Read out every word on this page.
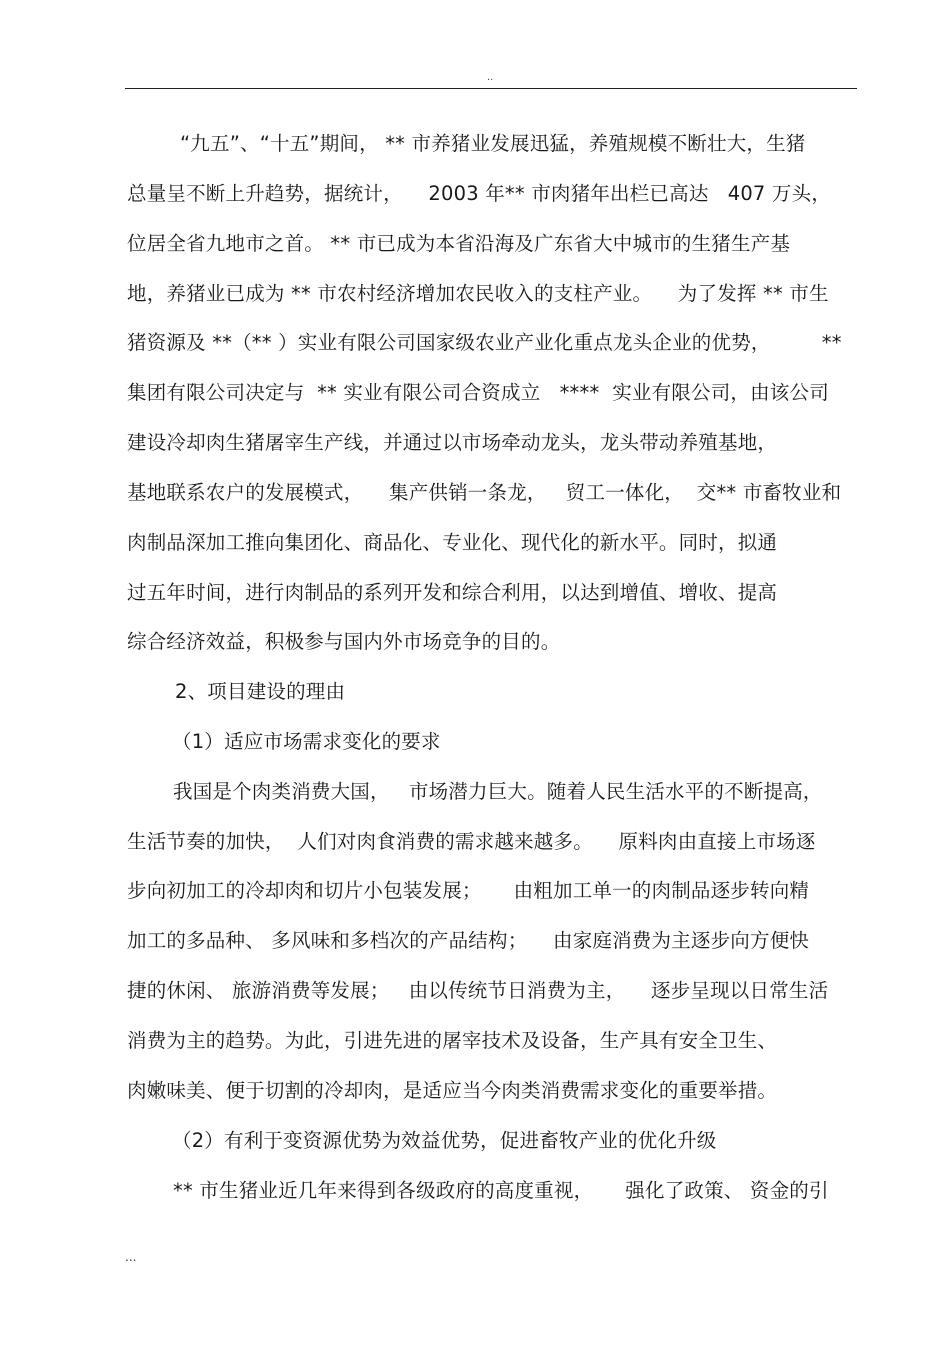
..
“九五”、“十五”期间， ** 市养猪业发展迅猛，养殖规模不断壮大，生猪
总量呈不断上升趋势，据统计，    2003 年** 市肉猪年出栏已高达   407 万头，
位居全省九地市之首。 ** 市已成为本省沿海及广东省大中城市的生猪生产基
地，养猪业已成为 ** 市农村经济增加农民收入的支柱产业。    为了发挥 ** 市生
猪资源及 **（** ）实业有限公司国家级农业产业化重点龙头企业的优势，        **
集团有限公司决定与  ** 实业有限公司合资成立   ****  实业有限公司，由该公司
建设冷却肉生猪屠宰生产线，并通过以市场牵动龙头，龙头带动养殖基地，
基地联系农户的发展模式，    集产供销一条龙，   贸工一体化，  交** 市畜牧业和
肉制品深加工推向集团化、商品化、专业化、现代化的新水平。同时，拟通
过五年时间，进行肉制品的系列开发和综合利用，以达到增值、增收、提高
综合经济效益，积极参与国内外市场竞争的目的。
2、项目建设的理由
（1）适应市场需求变化的要求
我国是个肉类消费大国，   市场潜力巨大。随着人民生活水平的不断提高，
生活节奏的加快，  人们对肉食消费的需求越来越多。    原料肉由直接上市场逐
步向初加工的冷却肉和切片小包装发展；     由粗加工单一的肉制品逐步转向精
加工的多品种、 多风味和多档次的产品结构；    由家庭消费为主逐步向方便快
捷的休闲、 旅游消费等发展；   由以传统节日消费为主，    逐步呈现以日常生活
消费为主的趋势。为此，引进先进的屠宰技术及设备，生产具有安全卫生、
肉嫩味美、便于切割的冷却肉，是适应当今肉类消费需求变化的重要举措。
（2）有利于变资源优势为效益优势，促进畜牧产业的优化升级
** 市生猪业近几年来得到各级政府的高度重视，     强化了政策、 资金的引
...
